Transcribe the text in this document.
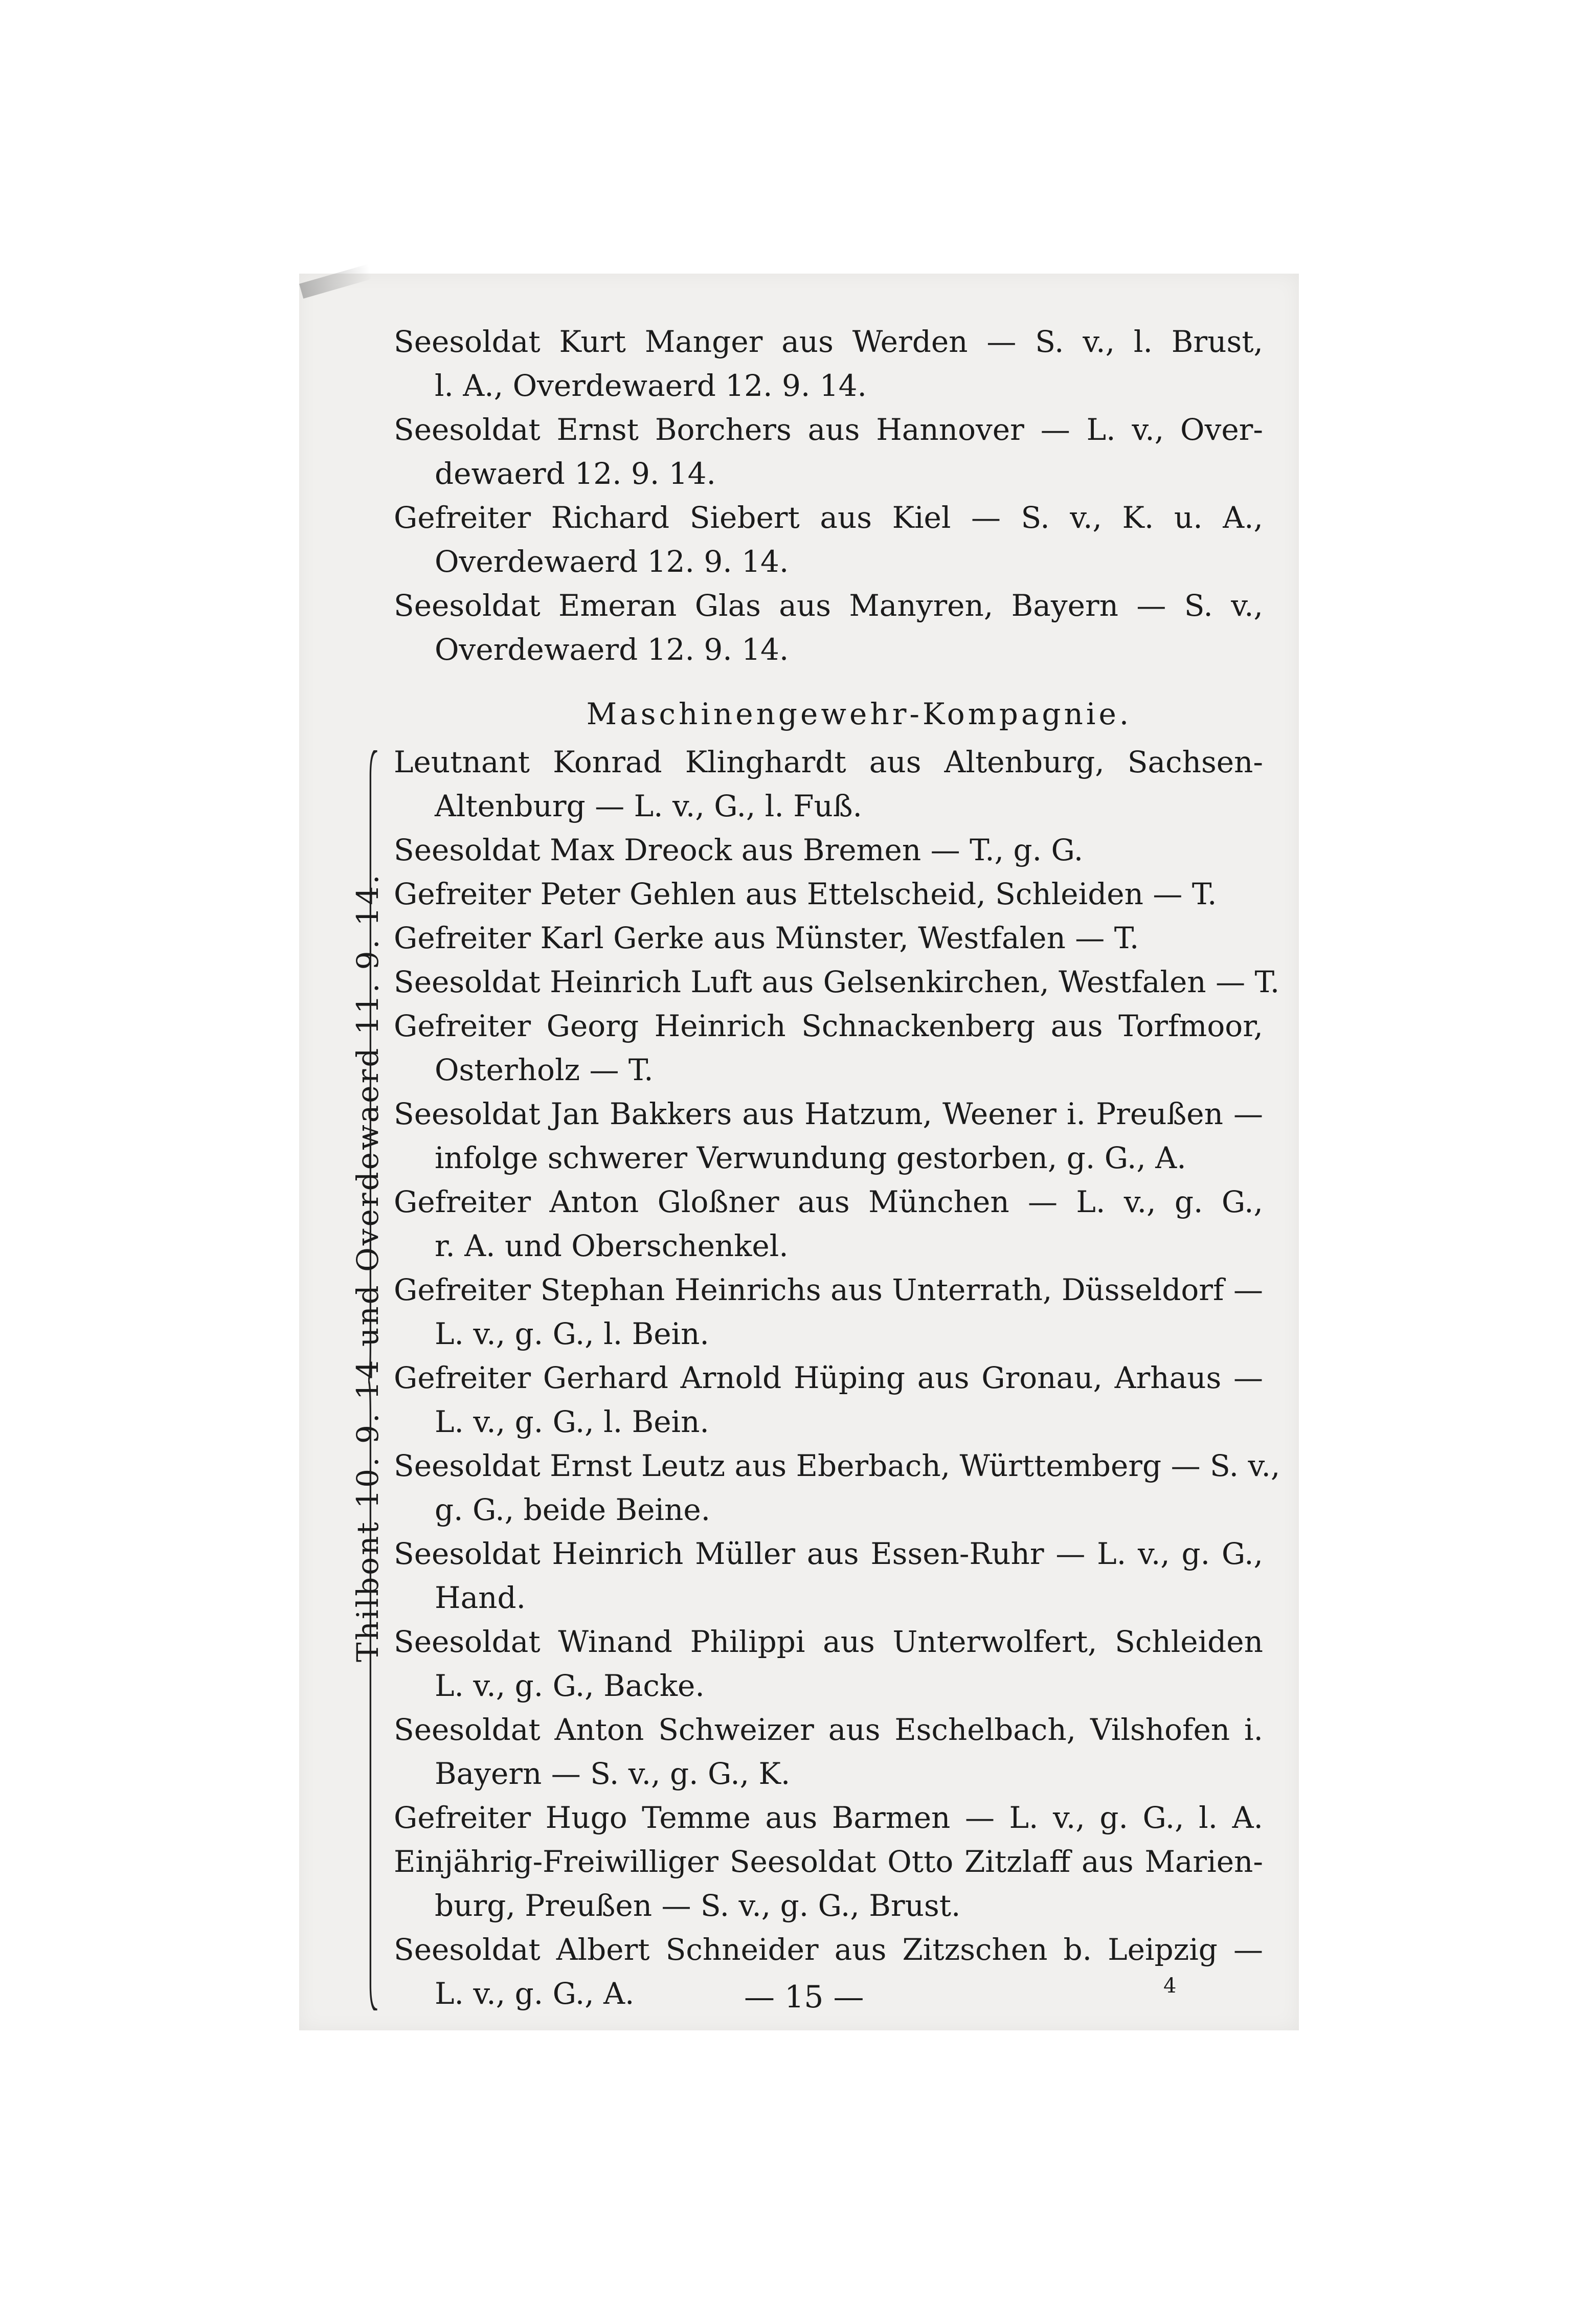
Seesoldat Kurt Manger aus Werden — S. v., l. Brust,
l. A., Overdewaerd 12. 9. 14.

Seesoldat Ernst Borchers aus Hannover — L. v., Over-
dewaerd 12. 9. 14.

Gefreiter Richard Siebert aus Kiel — S. v., K. u. A.,
Overdewaerd 12. 9. 14.

Seesoldat Emeran Glas aus Manyren, Bayern — S. v.,
Overdewaerd 12. 9. 14.

Maschinengewehr-Kompagnie.

Leutnant Konrad Klinghardt aus Altenburg, Sachsen-
Altenburg — L. v., G., l. Fuß.

Seesoldat Max Dreock aus Bremen — T., g. G.

Gefreiter Peter Gehlen aus Ettelscheid, Schleiden — T.

Gefreiter Karl Gerke aus Münster, Westfalen — T.

Seesoldat Heinrich Luft aus Gelsenkirchen, Westfalen — T.

Gefreiter Georg Heinrich Schnackenberg aus Torfmoor,
Osterholz — T.

Seesoldat Jan Bakkers aus Hatzum, Weener i. Preußen —
infolge schwerer Verwundung gestorben, g. G., A.

Gefreiter Anton Gloßner aus München — L. v., g. G.,
r. A. und Oberschenkel.

Gefreiter Stephan Heinrichs aus Unterrath, Düsseldorf —
L. v., g. G., l. Bein.

Gefreiter Gerhard Arnold Hüping aus Gronau, Arhaus —
L. v., g. G., l. Bein.

Seesoldat Ernst Leutz aus Eberbach, Württemberg — S. v.,
g. G., beide Beine.

Seesoldat Heinrich Müller aus Essen-Ruhr — L. v., g. G.,
Hand.

Seesoldat Winand Philippi aus Unterwolfert, Schleiden
L. v., g. G., Backe.

Seesoldat Anton Schweizer aus Eschelbach, Vilshofen i.
Bayern — S. v., g. G., K.

Gefreiter Hugo Temme aus Barmen — L. v., g. G., l. A.

Einjährig-Freiwilliger Seesoldat Otto Zitzlaff aus Marien-
burg, Preußen — S. v., g. G., Brust.

Seesoldat Albert Schneider aus Zitzschen b. Leipzig —
L. v., g. G., A.

Thilbont 10. 9. 14 und Overdewaerd 11. 9. 14.
— 15 —	4
